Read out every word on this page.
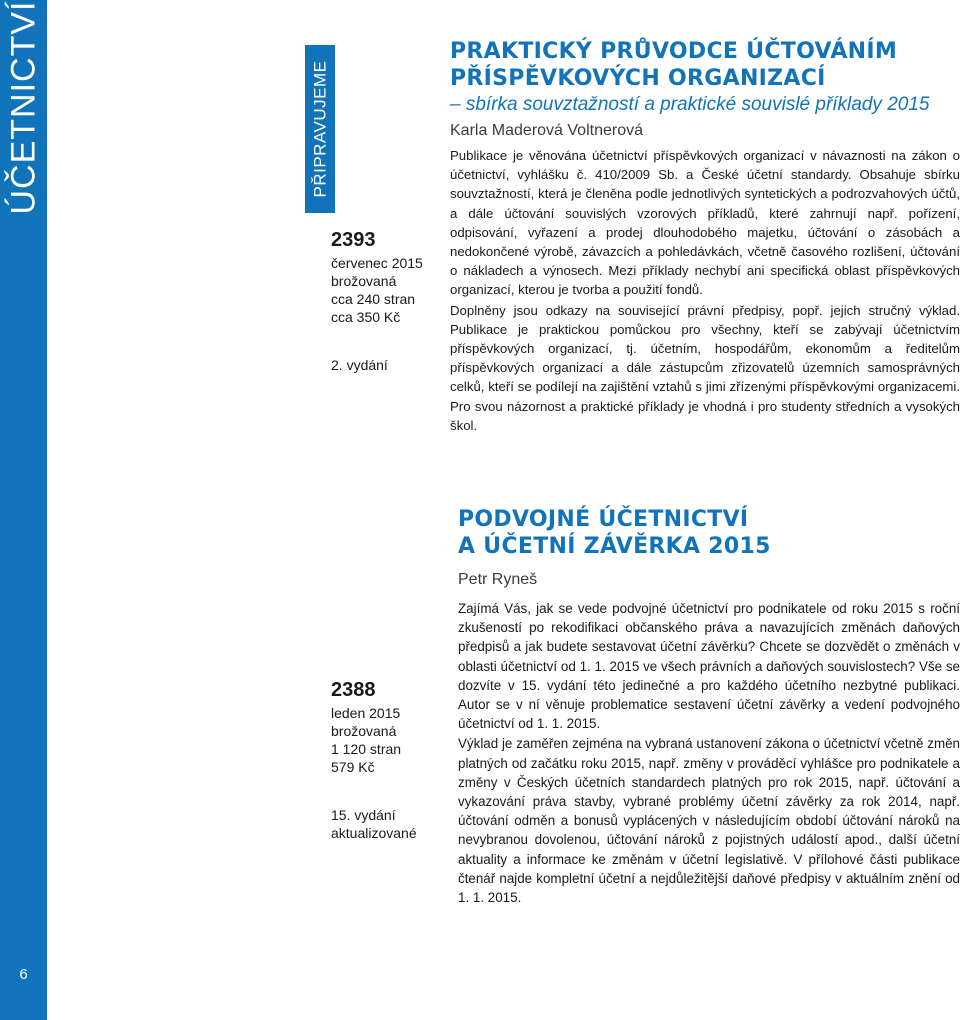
ÚČETNICTVÍ
6
PŘIPRAVUJEME
2393
červenec 2015
brožovaná
cca 240 stran
cca 350 Kč
2. vydání
PRAKTICKÝ PRŮVODCE ÚČTOVÁNÍM
PŘÍSPĚVKOVÝCH ORGANIZACÍ
– sbírka souvztažností a praktické souvislé příklady 2015
Karla Maderová Voltnerová

Publikace je věnována účetnictví příspěvkových organizací v návaznosti na zákon o účetnictví, vyhlášku č. 410/2009 Sb. a České účetní standardy. Obsahuje sbírku souvztažností, která je členěna podle jednotlivých syntetických a podrozvahových účtů, a dále účtování souvislých vzorových příkladů, které zahrnují např. pořízení, odpisování, vyřazení a prodej dlouhodobého majetku, účtování o zásobách a nedokončené výrobě, závazcích a pohledávkách, včetně časového rozlišení, účtování o nákladech a výnosech. Mezi příklady nechybí ani specifická oblast příspěvkových organizací, kterou je tvorba a použití fondů.

Doplněny jsou odkazy na související právní předpisy, popř. jejich stručný výklad. Publikace je praktickou pomůckou pro všechny, kteří se zabývají účetnictvím příspěvkových organizací, tj. účetním, hospodářům, ekonomům a ředitelům příspěvkových organizací a dále zástupcům zřizovatelů územních samosprávných celků, kteří se podílejí na zajištění vztahů s jimi zřízenými příspěvkovými organizacemi. Pro svou názornost a praktické příklady je vhodná i pro studenty středních a vysokých škol.

2388
leden 2015
brožovaná
1 120 stran
579 Kč
15. vydání
aktualizované
PODVOJNÉ ÚČETNICTVÍ
A ÚČETNÍ ZÁVĚRKA 2015
Petr Ryneš

Zajímá Vás, jak se vede podvojné účetnictví pro podnikatele od roku 2015 s roční zkušeností po rekodifikaci občanského práva a navazujících změnách daňových předpisů a jak budete sestavovat účetní závěrku? Chcete se dozvědět o změnách v oblasti účetnictví od 1. 1. 2015 ve všech právních a daňových souvislostech? Vše se dozvíte v 15. vydání této jedinečné a pro každého účetního nezbytné publikaci. Autor se v ní věnuje problematice sestavení účetní závěrky a vedení podvojného účetnictví od 1. 1. 2015.

Výklad je zaměřen zejména na vybraná ustanovení zákona o účetnictví včetně změn platných od začátku roku 2015, např. změny v prováděcí vyhlášce pro podnikatele a změny v Českých účetních standardech platných pro rok 2015, např. účtování a vykazování práva stavby, vybrané problémy účetní závěrky za rok 2014, např. účtování odměn a bonusů vyplácených v následujícím období účtování nároků na nevybranou dovolenou, účtování nároků z pojistných událostí apod., další účetní aktuality a informace ke změnám v účetní legislativě. V přílohové části publikace čtenář najde kompletní účetní a nejdůležitější daňové předpisy v aktuálním znění od 1. 1. 2015.
